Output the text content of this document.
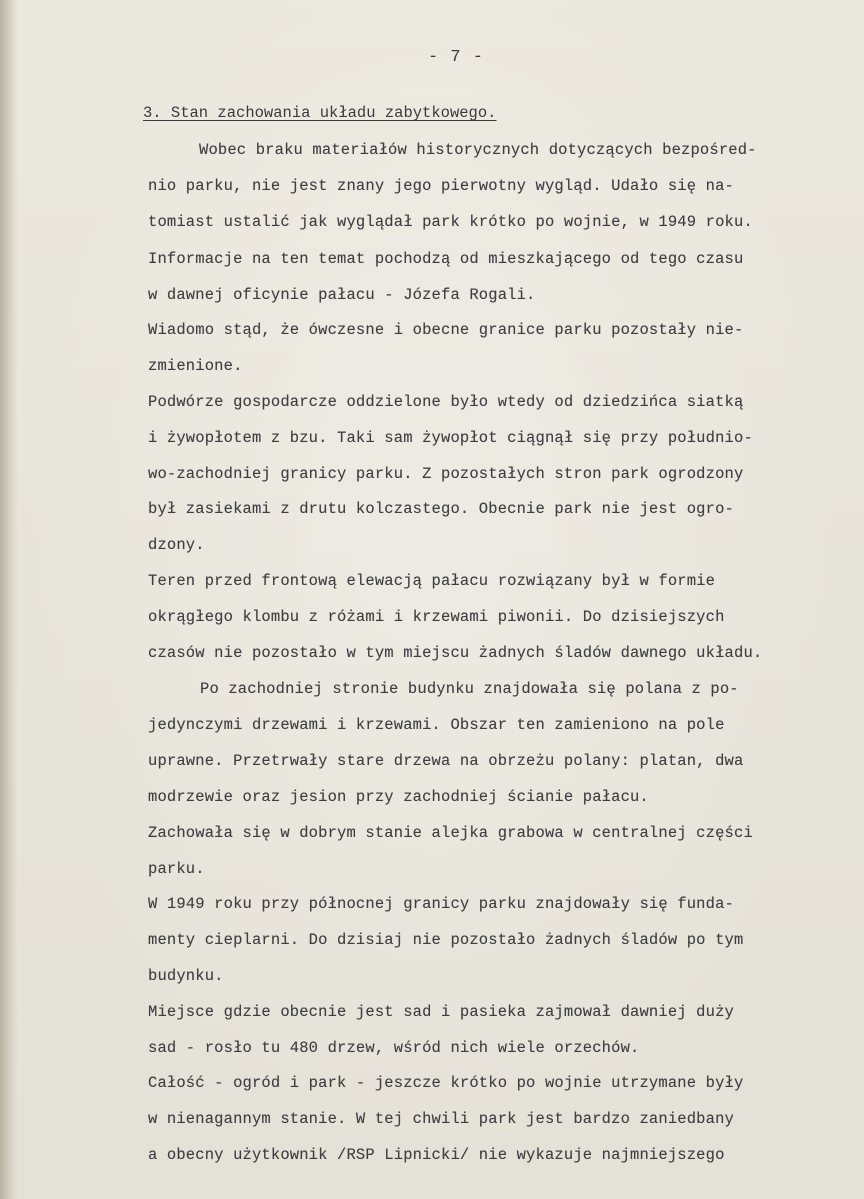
- 7 -
3. Stan zachowania układu zabytkowego.
Wobec braku materiałów historycznych dotyczących bezpośred-
nio parku, nie jest znany jego pierwotny wygląd. Udało się na-
tomiast ustalić jak wyglądał park krótko po wojnie, w 1949 roku.
Informacje na ten temat pochodzą od mieszkającego od tego czasu
w dawnej oficynie pałacu - Józefa Rogali.
Wiadomo stąd, że ówczesne i obecne granice parku pozostały nie-
zmienione.
Podwórze gospodarcze oddzielone było wtedy od dziedzińca siatką
i żywopłotem z bzu. Taki sam żywopłot ciągnął się przy południo-
wo-zachodniej granicy parku. Z pozostałych stron park ogrodzony
był zasiekami z drutu kolczastego. Obecnie park nie jest ogro-
dzony.
Teren przed frontową elewacją pałacu rozwiązany był w formie
okrągłego klombu z różami i krzewami piwonii. Do dzisiejszych
czasów nie pozostało w tym miejscu żadnych śladów dawnego układu.
Po zachodniej stronie budynku znajdowała się polana z po-
jedynczymi drzewami i krzewami. Obszar ten zamieniono na pole
uprawne. Przetrwały stare drzewa na obrzeżu polany: platan, dwa
modrzewie oraz jesion przy zachodniej ścianie pałacu.
Zachowała się w dobrym stanie alejka grabowa w centralnej części
parku.
W 1949 roku przy północnej granicy parku znajdowały się funda-
menty cieplarni. Do dzisiaj nie pozostało żadnych śladów po tym
budynku.
Miejsce gdzie obecnie jest sad i pasieka zajmował dawniej duży
sad - rosło tu 480 drzew, wśród nich wiele orzechów.
Całość - ogród i park - jeszcze krótko po wojnie utrzymane były
w nienagannym stanie. W tej chwili park jest bardzo zaniedbany
a obecny użytkownik /RSP Lipnicki/ nie wykazuje najmniejszego
